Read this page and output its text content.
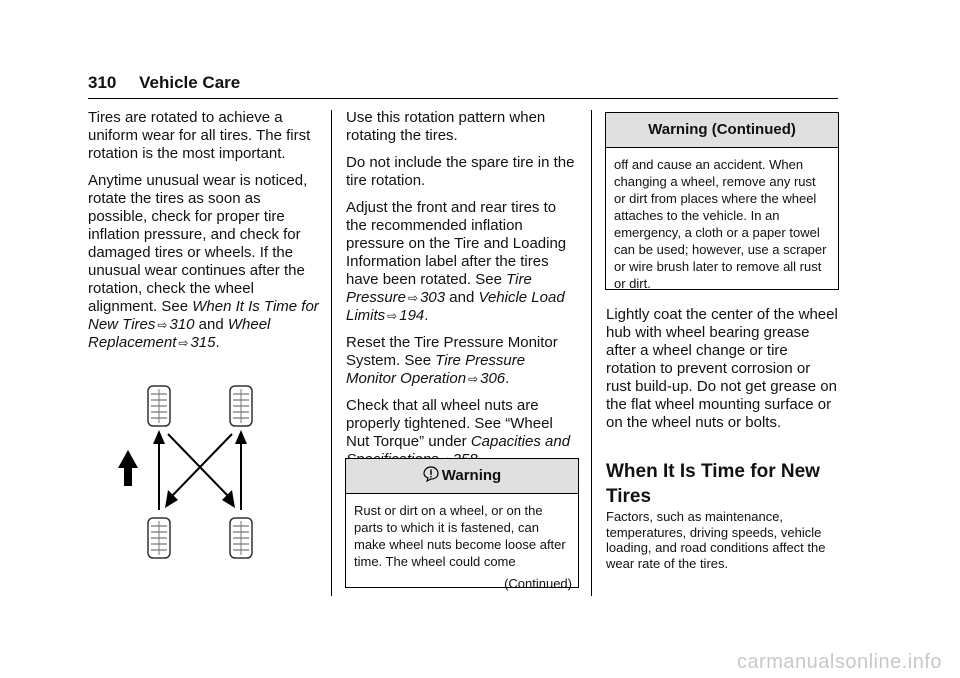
310 Vehicle Care

Tires are rotated to achieve a uniform wear for all tires. The first rotation is the most important.

Anytime unusual wear is noticed, rotate the tires as soon as possible, check for proper tire inflation pressure, and check for damaged tires or wheels. If the unusual wear continues after the rotation, check the wheel alignment. See When It Is Time for New Tires ⇨ 310 and Wheel Replacement ⇨ 315.

Use this rotation pattern when rotating the tires.

Do not include the spare tire in the tire rotation.

Adjust the front and rear tires to the recommended inflation pressure on the Tire and Loading Information label after the tires have been rotated. See Tire Pressure ⇨ 303 and Vehicle Load Limits ⇨ 194.

Reset the Tire Pressure Monitor System. See Tire Pressure Monitor Operation ⇨ 306.

Check that all wheel nuts are properly tightened. See “Wheel Nut Torque” under Capacities and

Warning
Rust or dirt on a wheel, or on the parts to which it is fastened, can make wheel nuts become loose after time. The wheel could come
(Continued)
Warning (Continued)
off and cause an accident. When changing a wheel, remove any rust or dirt from places where the wheel attaches to the vehicle. In an emergency, a cloth or a paper towel can be used; however, use a scraper or wire brush later to remove all rust or dirt.

Lightly coat the center of the wheel hub with wheel bearing grease after a wheel change or tire rotation to prevent corrosion or rust build-up. Do not get grease on the flat wheel mounting surface or on the wheel nuts or bolts.

When It Is Time for New Tires
Factors, such as maintenance, temperatures, driving speeds, vehicle loading, and road conditions affect the wear rate of the tires.
carmanualsonline.info
